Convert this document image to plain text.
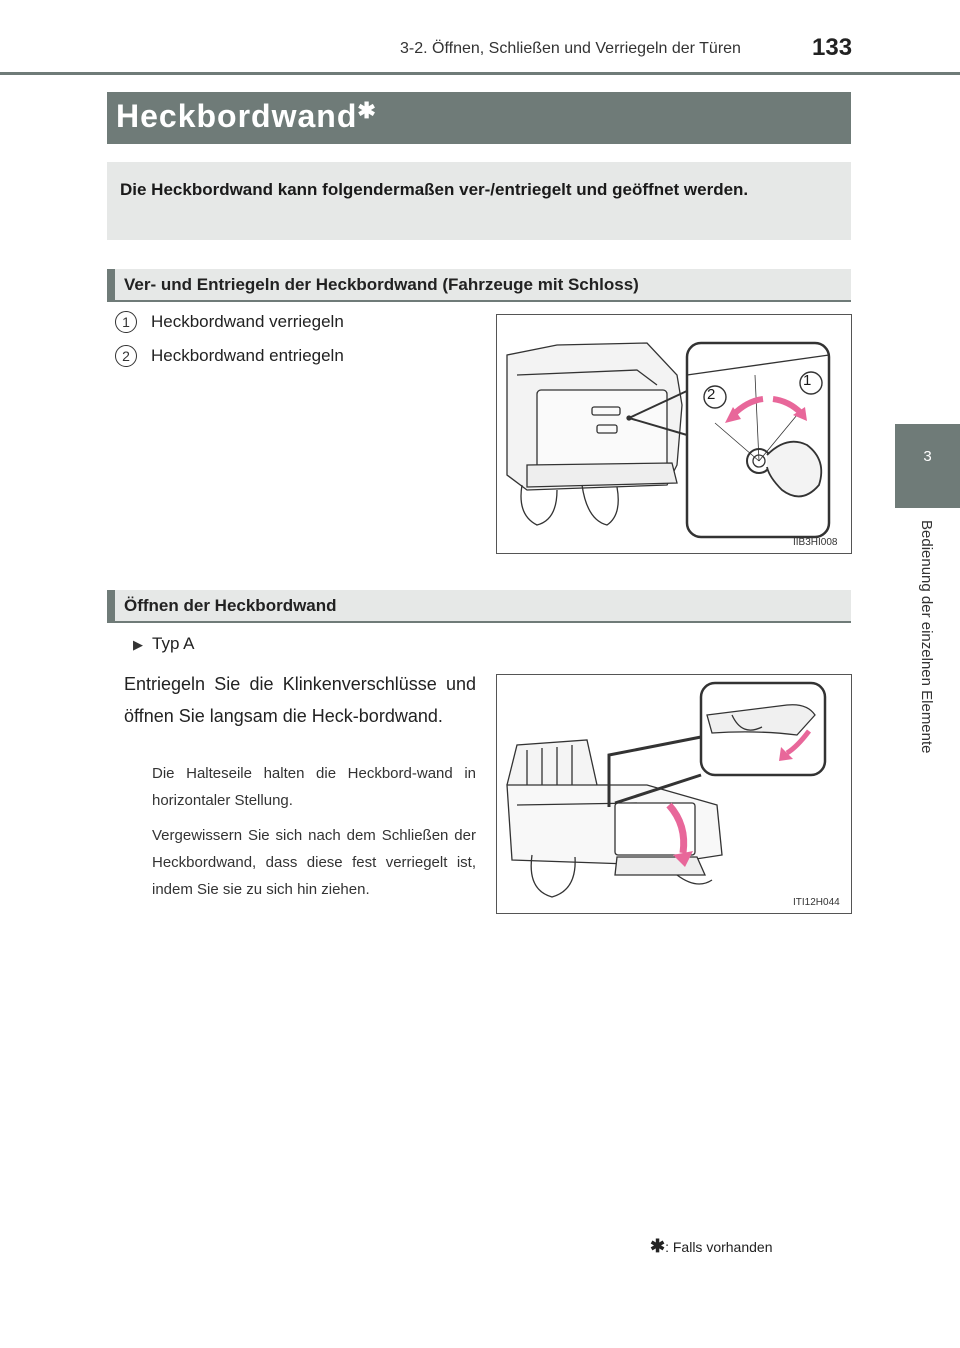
3-2. Öffnen, Schließen und Verriegeln der Türen	133
3
Bedienung der einzelnen Elemente
Heckbordwand✱
Die Heckbordwand kann folgendermaßen ver-/entriegelt und geöffnet werden.
Ver- und Entriegeln der Heckbordwand (Fahrzeuge mit Schloss)
1	Heckbordwand verriegeln
2	Heckbordwand entriegeln
2
1
IIB3HI008
Öffnen der Heckbordwand
▶ Typ A
Entriegeln Sie die Klinkenverschlüsse und öffnen Sie langsam die Heck-bordwand.
Die Halteseile halten die Heckbord-wand in horizontaler Stellung.
Vergewissern Sie sich nach dem Schließen der Heckbordwand, dass diese fest verriegelt ist, indem Sie sie zu sich hin ziehen.
ITI12H044
✱: Falls vorhanden
